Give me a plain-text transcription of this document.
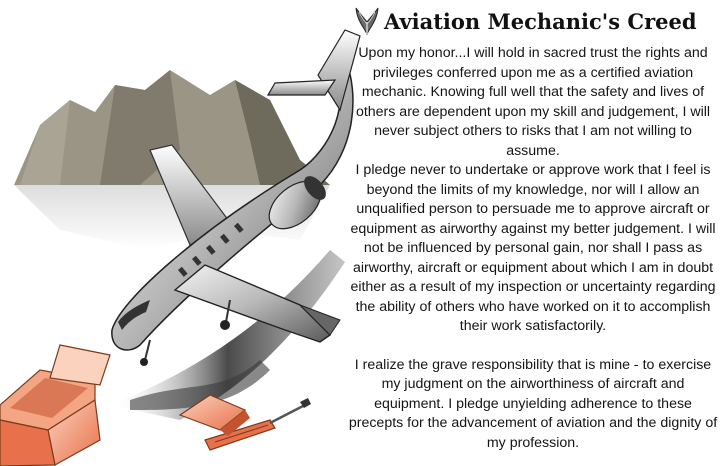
Aviation Mechanic's Creed

Upon my honor...I will hold in sacred trust the rights and privileges conferred upon me as a certified aviation mechanic. Knowing full well that the safety and lives of others are dependent upon my skill and judgement, I will never subject others to risks that I am not willing to assume.

I pledge never to undertake or approve work that I feel is beyond the limits of my knowledge, nor will I allow an unqualified person to persuade me to approve aircraft or equipment as airworthy against my better judgement. I will not be influenced by personal gain, nor shall I pass as airworthy, aircraft or equipment about which I am in doubt either as a result of my inspection or uncertainty regarding the ability of others who have worked on it to accomplish their work satisfactorily.

I realize the grave responsibility that is mine - to exercise my judgment on the airworthiness of aircraft and equipment. I pledge unyielding adherence to these precepts for the advancement of aviation and the dignity of my profession.
